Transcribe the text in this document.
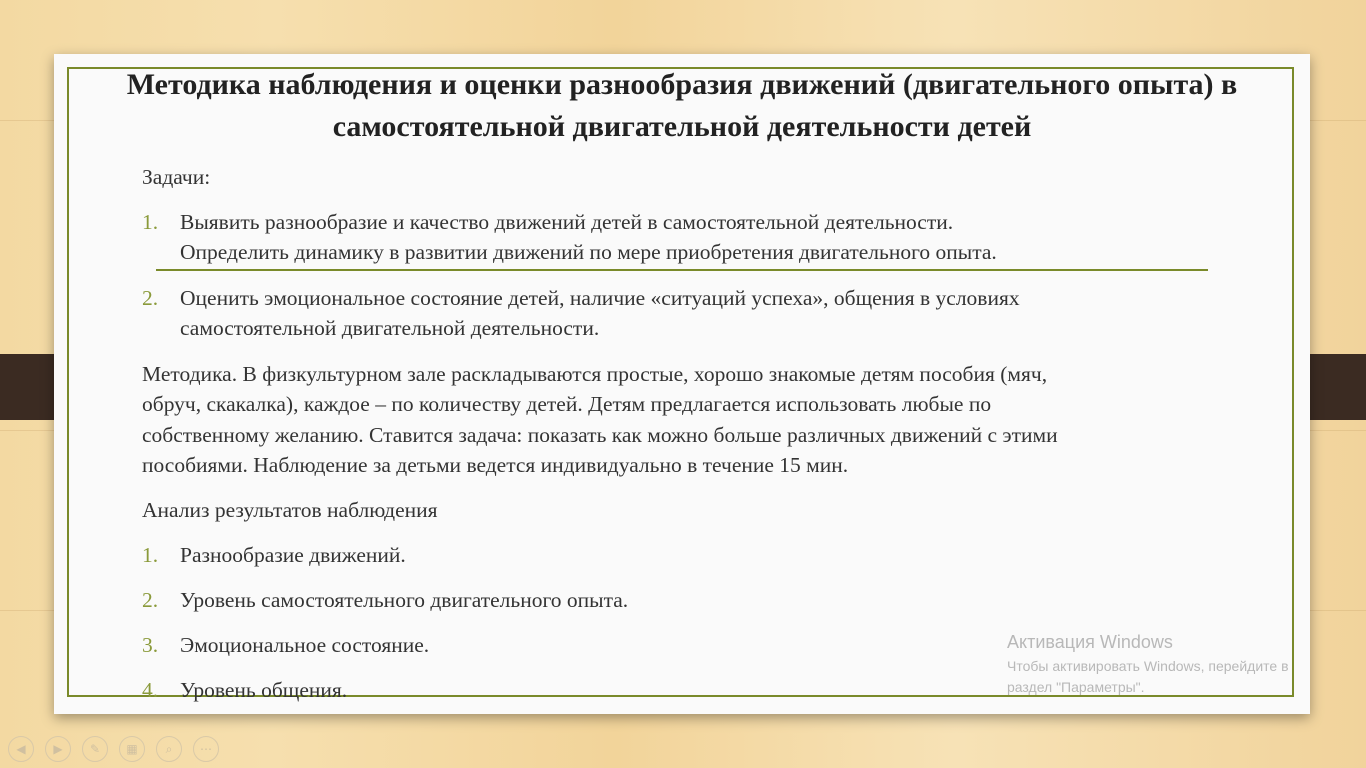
Методика наблюдения и оценки разнообразия движений (двигательного опыта) в самостоятельной двигательной деятельности детей
Задачи:
1. Выявить разнообразие и качество движений детей в самостоятельной деятельности.
Определить динамику в развитии движений по мере приобретения двигательного опыта.
2. Оценить эмоциональное состояние детей, наличие «ситуаций успеха», общения в условиях
самостоятельной двигательной деятельности.
Методика. В физкультурном зале раскладываются простые, хорошо знакомые детям пособия (мяч,
обруч, скакалка), каждое – по количеству детей. Детям предлагается использовать любые по
собственному желанию. Ставится задача: показать как можно больше различных движений с этими
пособиями. Наблюдение за детьми ведется индивидуально в течение 15 мин.
Анализ результатов наблюдения
1. Разнообразие движений.
2. Уровень самостоятельного двигательного опыта.
3. Эмоциональное состояние.
4. Уровень общения.
Активация Windows
Чтобы активировать Windows, перейдите в
раздел "Параметры".
◀	▶	✎	▦	⌕	⋯
